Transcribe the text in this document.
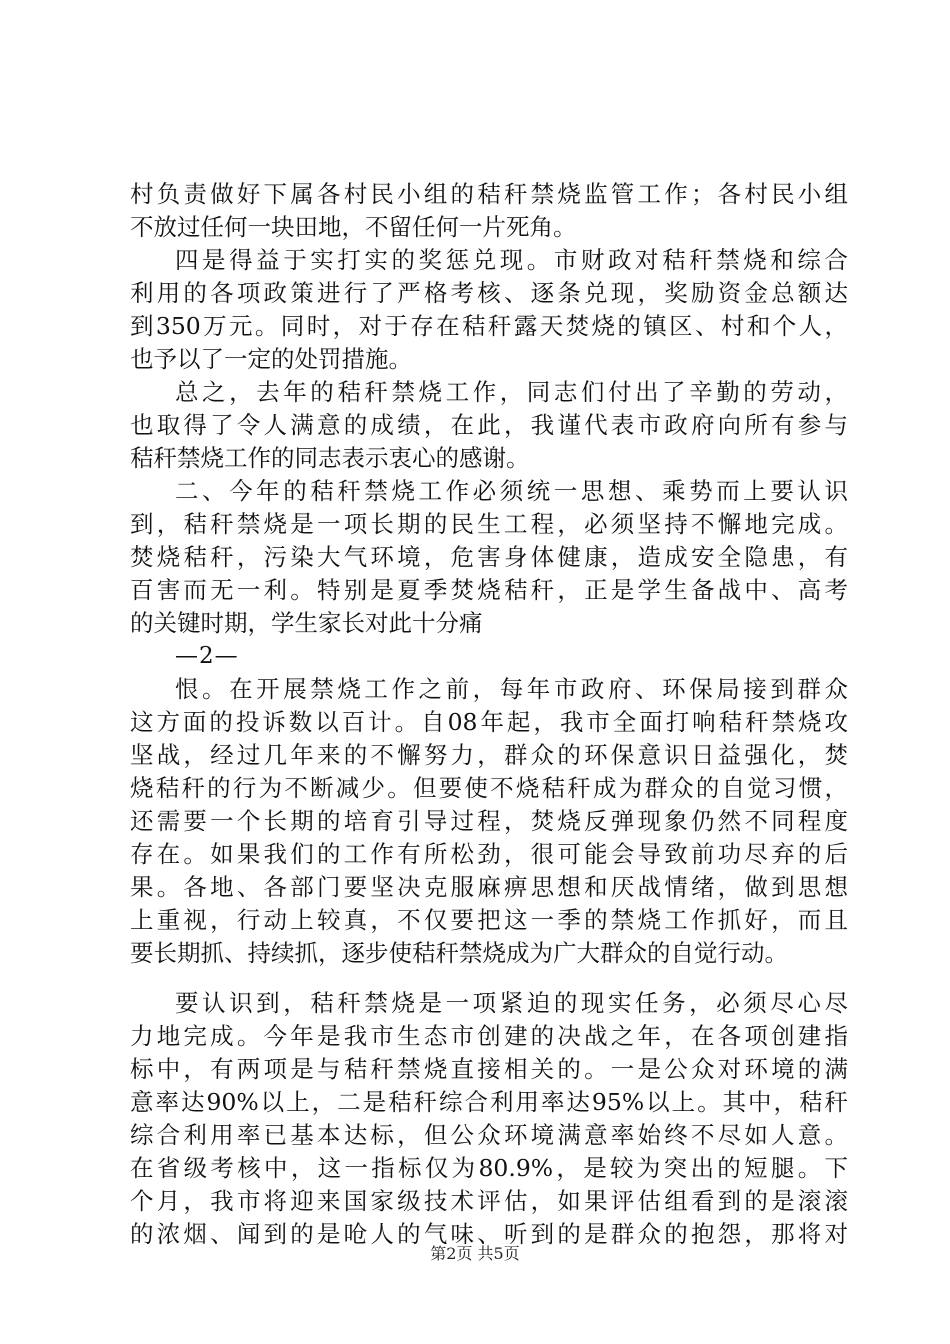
村负责做好下属各村民小组的秸秆禁烧监管工作；各村民小组
不放过任何一块田地，不留任何一片死角。
四是得益于实打实的奖惩兑现。市财政对秸秆禁烧和综合
利用的各项政策进行了严格考核、逐条兑现，奖励资金总额达
到350万元。同时，对于存在秸秆露天焚烧的镇区、村和个人，
也予以了一定的处罚措施。
总之，去年的秸秆禁烧工作，同志们付出了辛勤的劳动，
也取得了令人满意的成绩，在此，我谨代表市政府向所有参与
秸秆禁烧工作的同志表示衷心的感谢。
二、今年的秸秆禁烧工作必须统一思想、乘势而上要认识
到，秸秆禁烧是一项长期的民生工程，必须坚持不懈地完成。
焚烧秸秆，污染大气环境，危害身体健康，造成安全隐患，有
百害而无一利。特别是夏季焚烧秸秆，正是学生备战中、高考
的关键时期，学生家长对此十分痛
—2—
恨。在开展禁烧工作之前，每年市政府、环保局接到群众
这方面的投诉数以百计。自08年起，我市全面打响秸秆禁烧攻
坚战，经过几年来的不懈努力，群众的环保意识日益强化，焚
烧秸秆的行为不断减少。但要使不烧秸秆成为群众的自觉习惯，
还需要一个长期的培育引导过程，焚烧反弹现象仍然不同程度
存在。如果我们的工作有所松劲，很可能会导致前功尽弃的后
果。各地、各部门要坚决克服麻痹思想和厌战情绪，做到思想
上重视，行动上较真，不仅要把这一季的禁烧工作抓好，而且
要长期抓、持续抓，逐步使秸秆禁烧成为广大群众的自觉行动。
要认识到，秸秆禁烧是一项紧迫的现实任务，必须尽心尽
力地完成。今年是我市生态市创建的决战之年，在各项创建指
标中，有两项是与秸秆禁烧直接相关的。一是公众对环境的满
意率达90%以上，二是秸秆综合利用率达95%以上。其中，秸秆
综合利用率已基本达标，但公众环境满意率始终不尽如人意。
在省级考核中，这一指标仅为80.9%，是较为突出的短腿。下
个月，我市将迎来国家级技术评估，如果评估组看到的是滚滚
的浓烟、闻到的是呛人的气味、听到的是群众的抱怨，那将对
第2页 共5页
